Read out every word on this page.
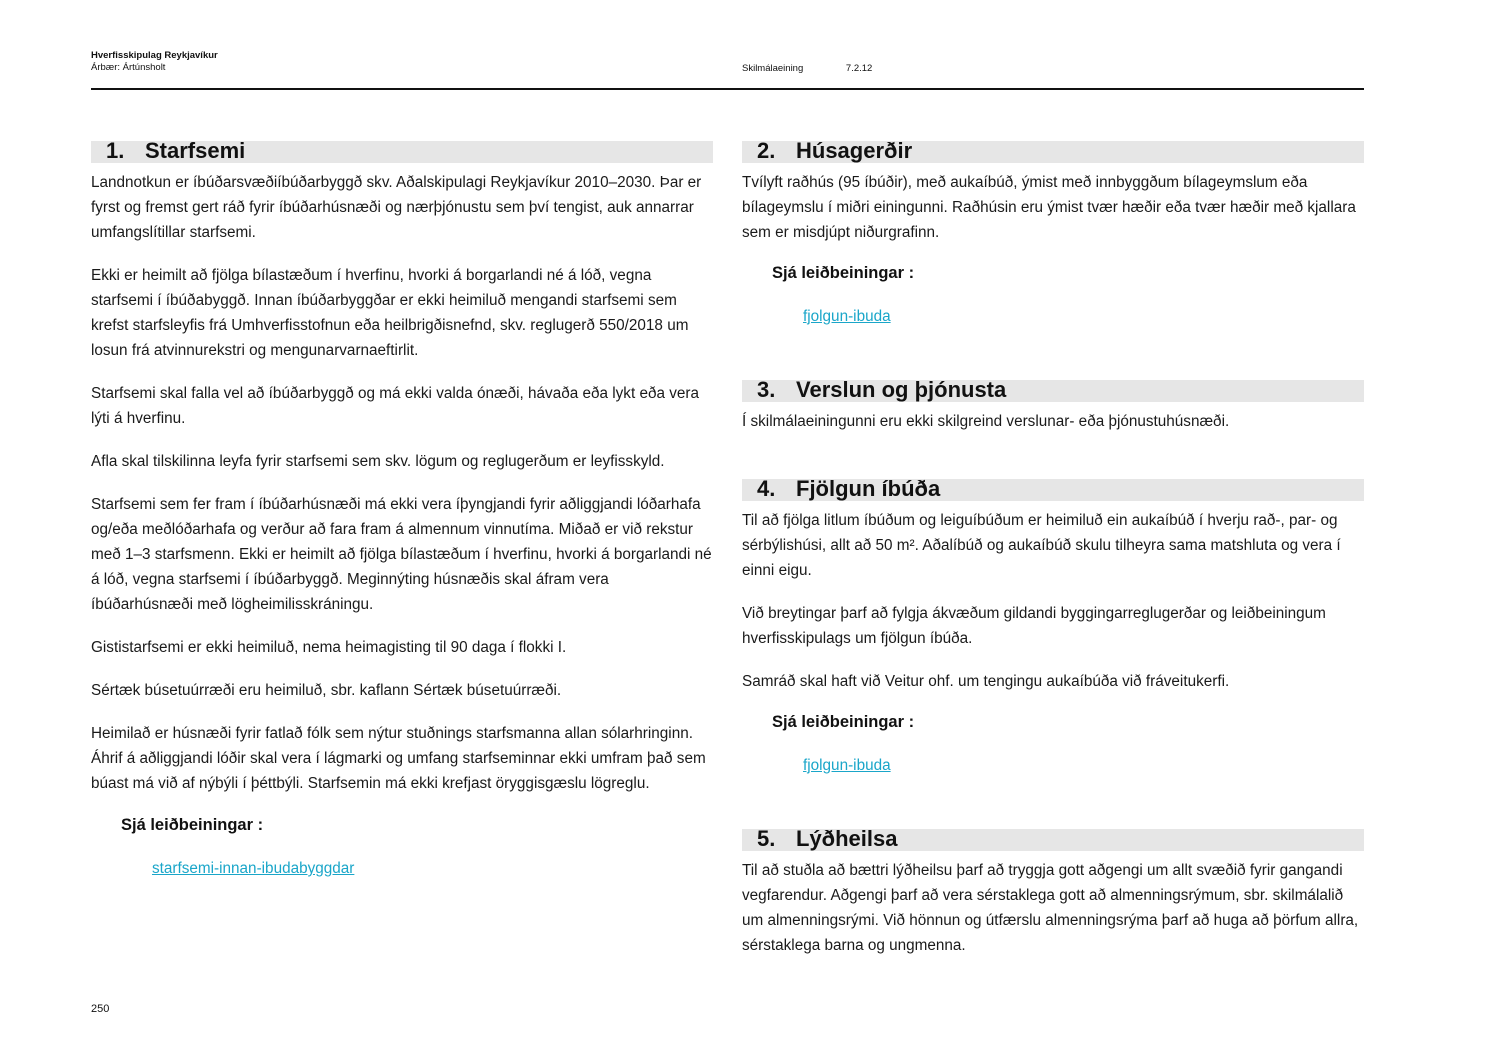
Hverfisskipulag Reykjavíkur
Árbær: Ártúnsholt	Skilmálaeining	7.2.12
1. Starfsemi

Landnotkun er íbúðarsvæðiíbúðarbyggð skv. Aðalskipulagi Reykjavíkur 2010–2030. Þar er fyrst og fremst gert ráð fyrir íbúðarhúsnæði og nærþjónustu sem því tengist, auk annarrar umfangslítillar starfsemi.

Ekki er heimilt að fjölga bílastæðum í hverfinu, hvorki á borgarlandi né á lóð, vegna starfsemi í íbúðabyggð. Innan íbúðarbyggðar er ekki heimiluð mengandi starfsemi sem krefst starfsleyfis frá Umhverfisstofnun eða heilbrigðisnefnd, skv. reglugerð 550/2018 um losun frá atvinnurekstri og mengunarvarnaeftirlit.

Starfsemi skal falla vel að íbúðarbyggð og má ekki valda ónæði, hávaða eða lykt eða vera lýti á hverfinu.

Afla skal tilskilinna leyfa fyrir starfsemi sem skv. lögum og reglugerðum er leyfisskyld.

Starfsemi sem fer fram í íbúðarhúsnæði má ekki vera íþyngjandi fyrir aðliggjandi lóðarhafa og/eða meðlóðarhafa og verður að fara fram á almennum vinnutíma. Miðað er við rekstur með 1–3 starfsmenn. Ekki er heimilt að fjölga bílastæðum í hverfinu, hvorki á borgarlandi né á lóð, vegna starfsemi í íbúðarbyggð. Meginnýting húsnæðis skal áfram vera íbúðarhúsnæði með lögheimilisskráningu.

Gististarfsemi er ekki heimiluð, nema heimagisting til 90 daga í flokki I.

Sértæk búsetuúrræði eru heimiluð, sbr. kaflann Sértæk búsetuúrræði.

Heimilað er húsnæði fyrir fatlað fólk sem nýtur stuðnings starfsmanna allan sólarhringinn. Áhrif á aðliggjandi lóðir skal vera í lágmarki og umfang starfseminnar ekki umfram það sem búast má við af nýbýli í þéttbýli. Starfsemin má ekki krefjast öryggisgæslu lögreglu.

Sjá leiðbeiningar :
starfsemi-innan-ibudabyggdar
2. Húsagerðir

Tvílyft raðhús (95 íbúðir), með aukaíbúð, ýmist með innbyggðum bílageymslum eða bílageymslu í miðri einingunni. Raðhúsin eru ýmist tvær hæðir eða tvær hæðir með kjallara sem er misdjúpt niðurgrafinn.

Sjá leiðbeiningar :
fjolgun-ibuda
3. Verslun og þjónusta

Í skilmálaeiningunni eru ekki skilgreind verslunar- eða þjónustuhúsnæði.

4. Fjölgun íbúða

Til að fjölga litlum íbúðum og leiguíbúðum er heimiluð ein aukaíbúð í hverju rað-, par- og sérbýlishúsi, allt að 50 m². Aðalíbúð og aukaíbúð skulu tilheyra sama matshluta og vera í einni eigu.

Við breytingar þarf að fylgja ákvæðum gildandi byggingarreglugerðar og leiðbeiningum hverfisskipulags um fjölgun íbúða.

Samráð skal haft við Veitur ohf. um tengingu aukaíbúða við fráveitukerfi.

Sjá leiðbeiningar :
fjolgun-ibuda
5. Lýðheilsa

Til að stuðla að bættri lýðheilsu þarf að tryggja gott aðgengi um allt svæðið fyrir gangandi vegfarendur. Aðgengi þarf að vera sérstaklega gott að almenningsrýmum, sbr. skilmálalið um almenningsrými. Við hönnun og útfærslu almenningsrýma þarf að huga að þörfum allra, sérstaklega barna og ungmenna.

250
